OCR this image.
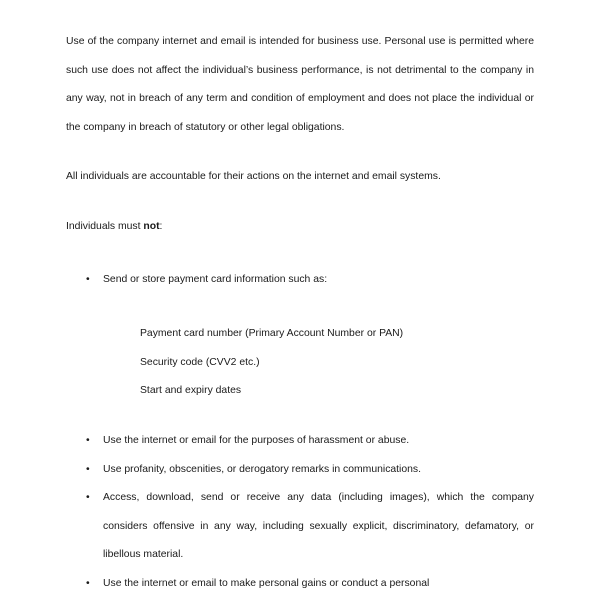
Use of the company internet and email is intended for business use. Personal use is permitted where such use does not affect the individual’s business performance, is not detrimental to the company in any way, not in breach of any term and condition of employment and does not place the individual or the company in breach of statutory or other legal obligations.

All individuals are accountable for their actions on the internet and email systems.

Individuals must not:

• Send or store payment card information such as:
Payment card number (Primary Account Number or PAN)
Security code (CVV2 etc.)
Start and expiry dates
• Use the internet or email for the purposes of harassment or abuse.
• Use profanity, obscenities, or derogatory remarks in communications.
• Access, download, send or receive any data (including images), which the company considers offensive in any way, including sexually explicit, discriminatory, defamatory, or libellous material.
• Use the internet or email to make personal gains or conduct a personal
